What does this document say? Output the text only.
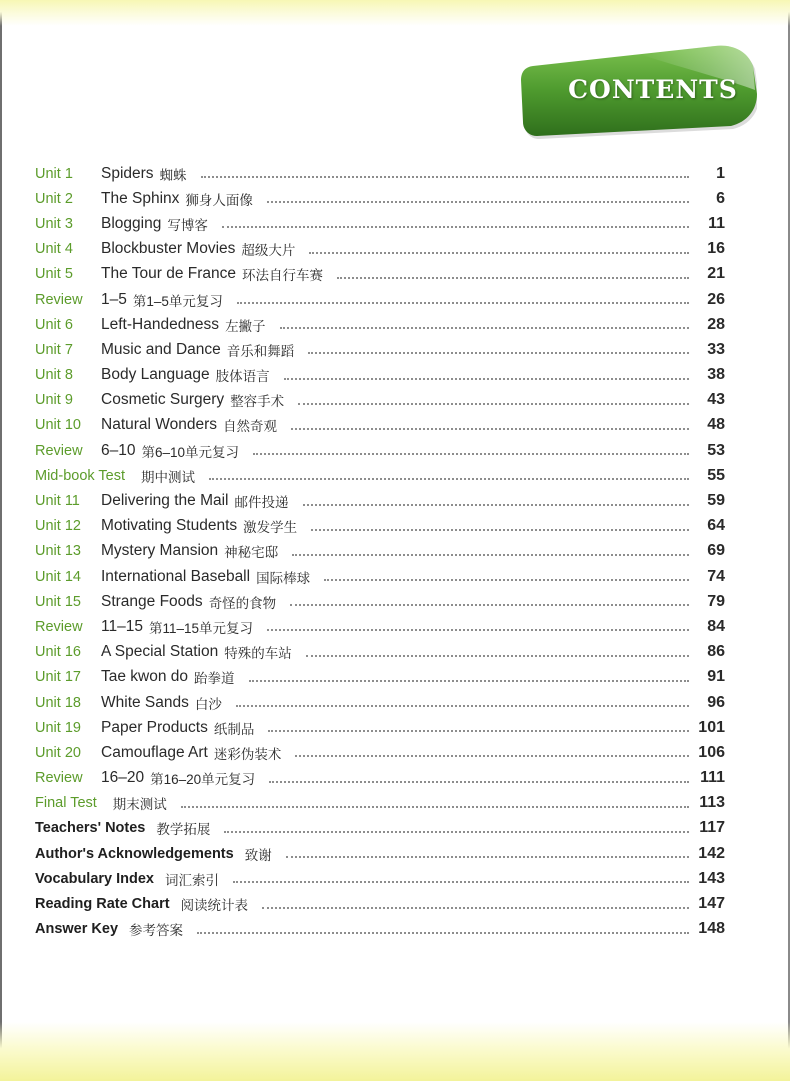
CONTENTS
Unit 1	Spiders 蜘蛛	1
Unit 2	The Sphinx 狮身人面像	6
Unit 3	Blogging 写博客	11
Unit 4	Blockbuster Movies 超级大片	16
Unit 5	The Tour de France 环法自行车赛	21
Review	1–5 第1–5单元复习	26
Unit 6	Left-Handedness 左撇子	28
Unit 7	Music and Dance 音乐和舞蹈	33
Unit 8	Body Language 肢体语言	38
Unit 9	Cosmetic Surgery 整容手术	43
Unit 10	Natural Wonders 自然奇观	48
Review	6–10 第6–10单元复习	53
Mid-book Test 期中测试	55
Unit 11	Delivering the Mail 邮件投递	59
Unit 12	Motivating Students 激发学生	64
Unit 13	Mystery Mansion 神秘宅邸	69
Unit 14	International Baseball 国际棒球	74
Unit 15	Strange Foods 奇怪的食物	79
Review	11–15 第11–15单元复习	84
Unit 16	A Special Station 特殊的车站	86
Unit 17	Tae kwon do 跆拳道	91
Unit 18	White Sands 白沙	96
Unit 19	Paper Products 纸制品	101
Unit 20	Camouflage Art 迷彩伪装术	106
Review	16–20 第16–20单元复习	111
Final Test 期末测试	113
Teachers' Notes 教学拓展	117
Author's Acknowledgements 致谢	142
Vocabulary Index 词汇索引	143
Reading Rate Chart 阅读统计表	147
Answer Key 参考答案	148
